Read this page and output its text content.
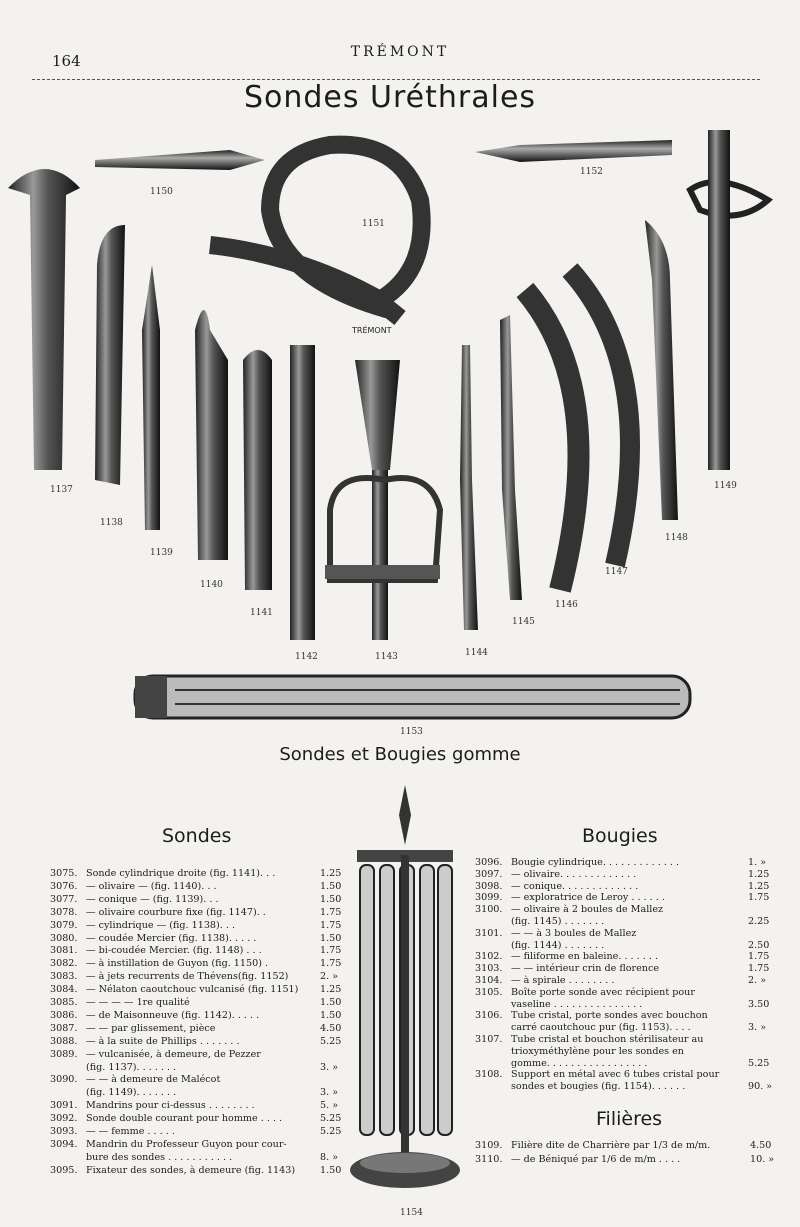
164	TRÉMONT
Sondes Uréthrales
TRÉMONT
1137
1138
1139
1140
1141
1142	1143	1144
1145
1146
1147
1148
1149
1150
1151
1152
1153
1154
Sondes et Bougies gomme
Sondes
3075. Sonde cylindrique droite (fig. 1141). . .	1.25
3076. — olivaire — (fig. 1140). . .	1.50
3077. — conique — (fig. 1139). . .	1.50
3078. — olivaire courbure fixe (fig. 1147). .	1.75
3079. — cylindrique — (fig. 1138). . .	1.75
3080. — coudée Mercier (fig. 1138). . . . .	1.50
3081. — bi-coudée Mercier. (fig. 1148) . . .	1.75
3082. — à instillation de Guyon (fig. 1150) .	1.75
3083. — à jets recurrents de Thévens(fig. 1152)	2. »
3084. — Nélaton caoutchouc vulcanisé (fig. 1151) 1.25
3085. — — — — 1re qualité	1.50
3086. — de Maisonneuve (fig. 1142). . . . .	1.50
3087. — — par glissement, pièce	4.50
3088. — à la suite de Phillips . . . . . . .	5.25
3089. — vulcanisée, à demeure, de Pezzer
(fig. 1137). . . . . . .	3. »
3090. — — à demeure de Malécot
(fig. 1149). . . . . . .	3. »
3091. Mandrins pour ci-dessus . . . . . . . .	5. »
3092. Sonde double courant pour homme . . . .	5.25
3093. — — femme . . . . .	5.25
3094. Mandrin du Professeur Guyon pour cour-
bure des sondes . . . . . . . . . . .	8. »
3095. Fixateur des sondes, à demeure (fig. 1143)	1.50
Bougies
3096. Bougie cylindrique. . . . . . . . . . . . .	1. »
3097. — olivaire. . . . . . . . . . . . .	1.25
3098. — conique. . . . . . . . . . . . .	1.25
3099. — exploratrice de Leroy . . . . . .	1.75
3100. — olivaire à 2 boules de Mallez
(fig. 1145) . . . . . . .	2.25
3101. — — à 3 boules de Mallez
(fig. 1144) . . . . . . .	2.50
3102. — filiforme en baleine. . . . . . .	1.75
3103. — — intérieur crin de florence	1.75
3104. — à spirale . . . . . . . .	2. »
3105. Boîte porte sonde avec récipient pour
vaseline . . . . . . . . . . . . . . .	3.50
3106. Tube cristal, porte sondes avec bouchon
carré caoutchouc pur (fig. 1153). . . .	3. »
3107. Tube cristal et bouchon stérilisateur au
trioxyméthylène pour les sondes en
gomme. . . . . . . . . . . . . . . . .	5.25
3108. Support en métal avec 6 tubes cristal pour
sondes et bougies (fig. 1154). . . . . .	90. »
Filières
3109. Filière dite de Charrière par 1/3 de m/m.	4.50
3110. — de Béniqué par 1/6 de m/m . . . .	10. »
